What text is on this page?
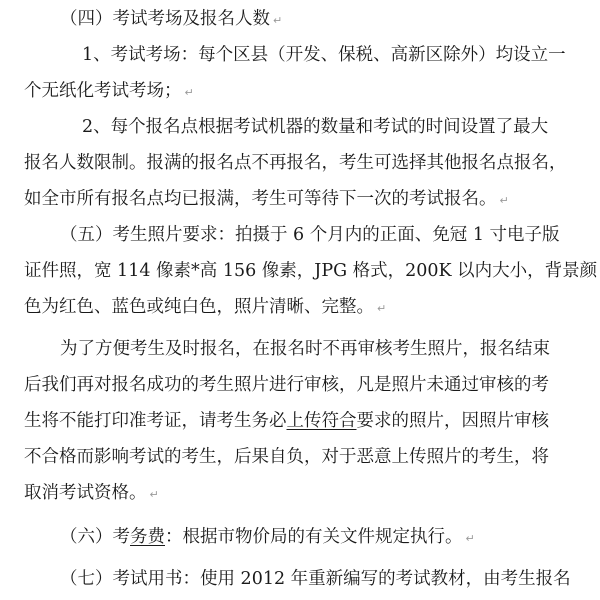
（四）考试考场及报名人数 ↵
1、考试考场：每个区县（开发、保税、高新区除外）均设立一
个无纸化考试考场； ↵
2、每个报名点根据考试机器的数量和考试的时间设置了最大
报名人数限制。报满的报名点不再报名，考生可选择其他报名点报名，
如全市所有报名点均已报满，考生可等待下一次的考试报名。 ↵
（五）考生照片要求：拍摄于 6 个月内的正面、免冠 1 寸电子版
证件照，宽 114 像素*高 156 像素，JPG 格式，200K 以内大小，背景颜
色为红色、蓝色或纯白色，照片清晰、完整。 ↵
为了方便考生及时报名，在报名时不再审核考生照片，报名结束
后我们再对报名成功的考生照片进行审核，凡是照片未通过审核的考
生将不能打印准考证，请考生务必上传符合要求的照片，因照片审核
不合格而影响考试的考生，后果自负，对于恶意上传照片的考生，将
取消考试资格。 ↵
（六）考务费：根据市物价局的有关文件规定执行。 ↵
（七）考试用书：使用 2012 年重新编写的考试教材，由考生报名
